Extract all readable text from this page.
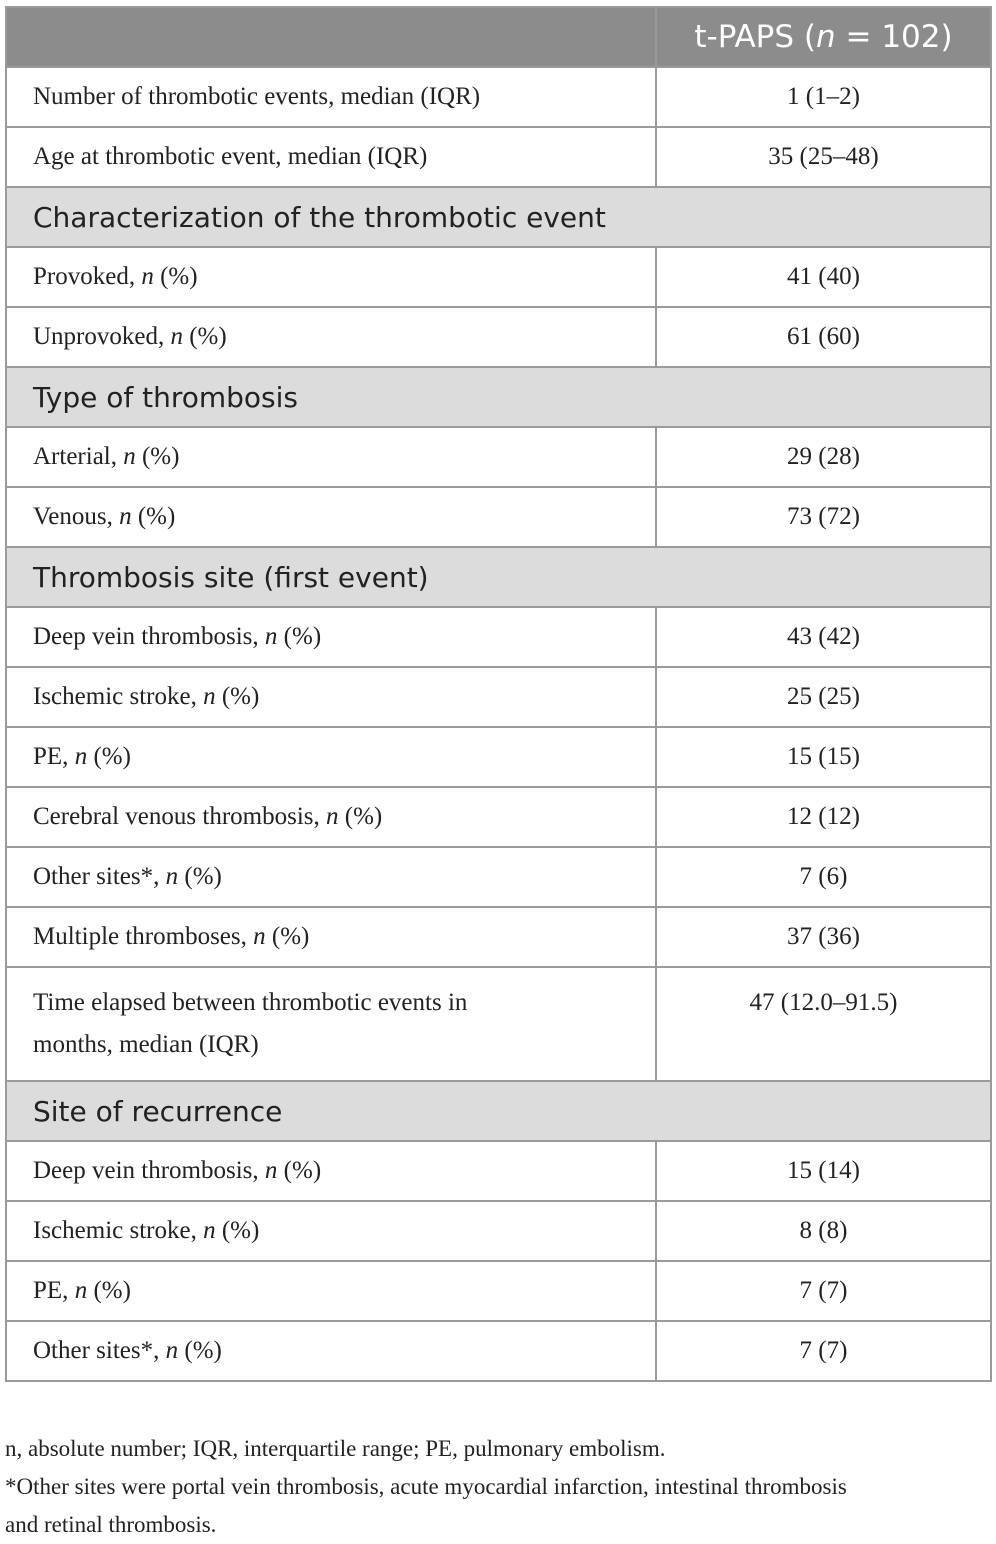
	t-PAPS (n = 102)
Number of thrombotic events, median (IQR)	1 (1–2)
Age at thrombotic event, median (IQR)	35 (25–48)
Characterization of the thrombotic event	
Provoked, n (%)	41 (40)
Unprovoked, n (%)	61 (60)
Type of thrombosis	
Arterial, n (%)	29 (28)
Venous, n (%)	73 (72)
Thrombosis site (first event)	
Deep vein thrombosis, n (%)	43 (42)
Ischemic stroke, n (%)	25 (25)
PE, n (%)	15 (15)
Cerebral venous thrombosis, n (%)	12 (12)
Other sites*, n (%)	7 (6)
Multiple thromboses, n (%)	37 (36)
Time elapsed between thrombotic events in
months, median (IQR)	47 (12.0–91.5)
Site of recurrence	
Deep vein thrombosis, n (%)	15 (14)
Ischemic stroke, n (%)	8 (8)
PE, n (%)	7 (7)
Other sites*, n (%)	7 (7)

n, absolute number; IQR, interquartile range; PE, pulmonary embolism.

*Other sites were portal vein thrombosis, acute myocardial infarction, intestinal thrombosis

and retinal thrombosis.
